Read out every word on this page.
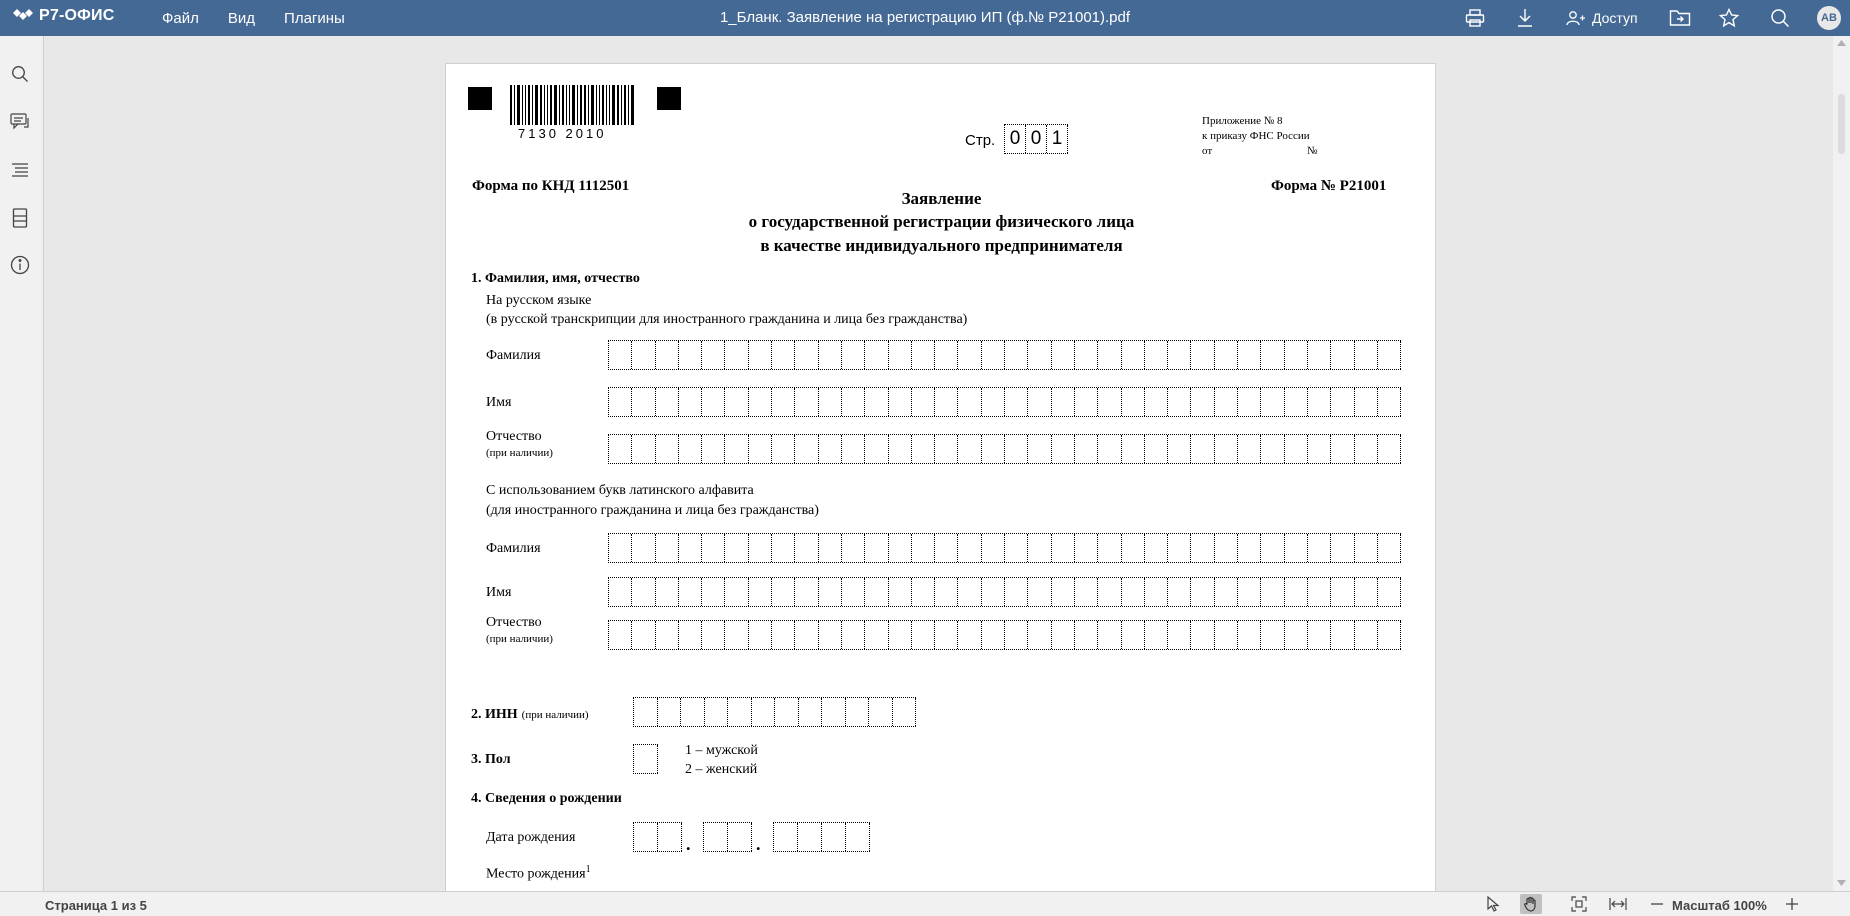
Р7-ОФИС	Файл Вид Плагины	1_Бланк. Заявление на регистрацию ИП (ф.№ Р21001).pdf	Доступ	АВ
7130 2010	Стр. 0 0 1
Приложение № 8
к приказу ФНС России
от	№
Форма по КНД 1112501	Форма № Р21001
Заявление
о государственной регистрации физического лица
в качестве индивидуального предпринимателя
1. Фамилия, имя, отчество
На русском языке
(в русской транскрипции для иностранного гражданина и лица без гражданства)
Фамилия
Имя
Отчество
(при наличии)
С использованием букв латинского алфавита
(для иностранного гражданина и лица без гражданства)
Фамилия
Имя
Отчество
(при наличии)
2. ИНН (при наличии)
3. Пол
1 – мужской
2 – женский
4. Сведения о рождении
Дата рождения	.	.
Место рождения$^1$
Страница 1 из 5	Масштаб 100%
